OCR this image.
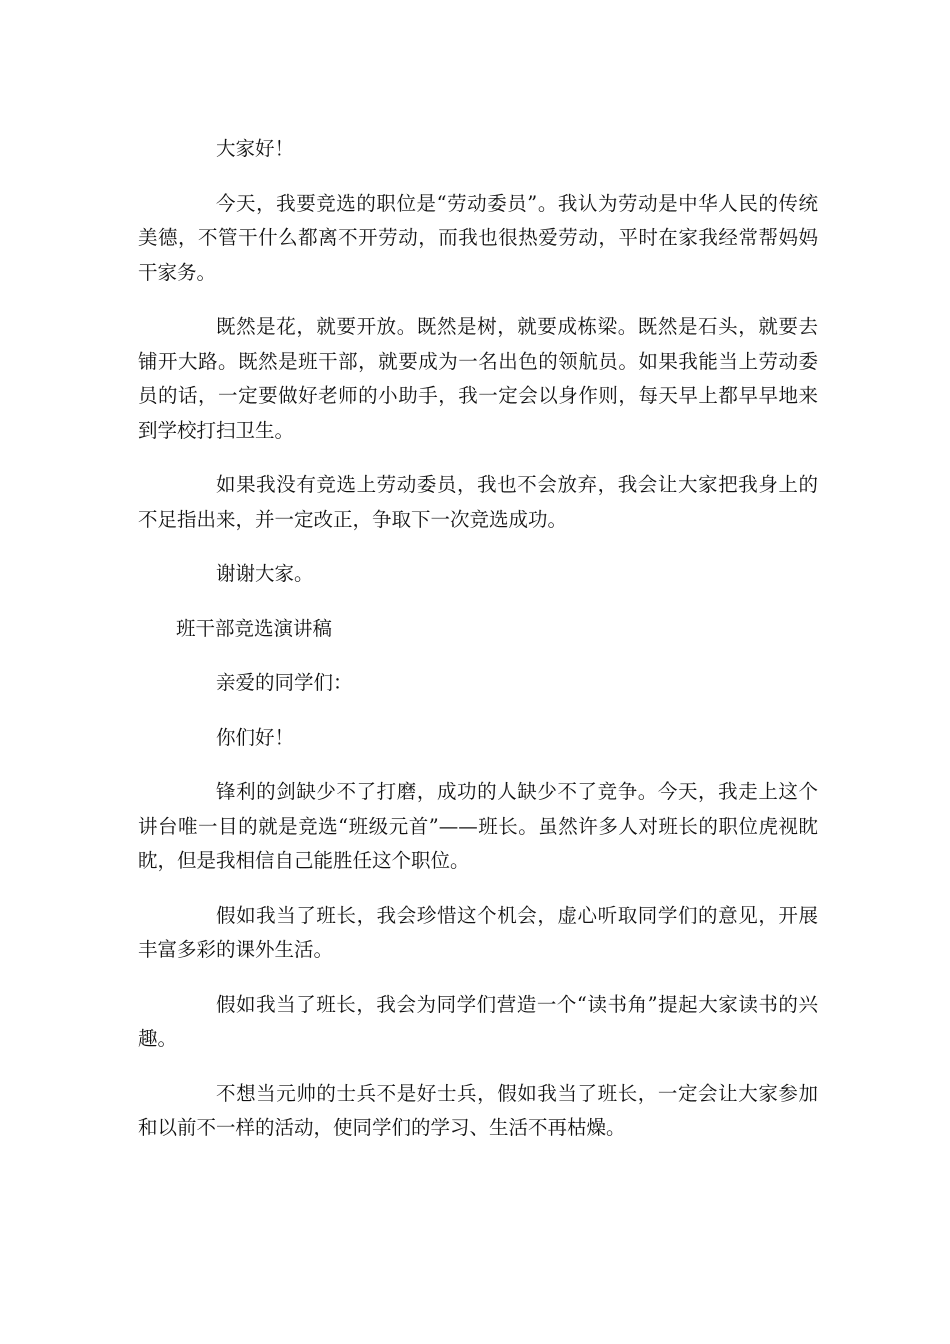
大家好！

今天，我要竞选的职位是“劳动委员”。我认为劳动是中华人民的传统美德，不管干什么都离不开劳动，而我也很热爱劳动，平时在家我经常帮妈妈干家务。

既然是花，就要开放。既然是树，就要成栋梁。既然是石头，就要去铺开大路。既然是班干部，就要成为一名出色的领航员。如果我能当上劳动委员的话，一定要做好老师的小助手，我一定会以身作则，每天早上都早早地来到学校打扫卫生。

如果我没有竞选上劳动委员，我也不会放弃，我会让大家把我身上的不足指出来，并一定改正，争取下一次竞选成功。

谢谢大家。

班干部竞选演讲稿

亲爱的同学们：

你们好！

锋利的剑缺少不了打磨，成功的人缺少不了竞争。今天，我走上这个讲台唯一目的就是竞选“班级元首”——班长。虽然许多人对班长的职位虎视眈眈，但是我相信自己能胜任这个职位。

假如我当了班长，我会珍惜这个机会，虚心听取同学们的意见，开展丰富多彩的课外生活。

假如我当了班长，我会为同学们营造一个“读书角”提起大家读书的兴趣。

不想当元帅的士兵不是好士兵，假如我当了班长，一定会让大家参加和以前不一样的活动，使同学们的学习、生活不再枯燥。
